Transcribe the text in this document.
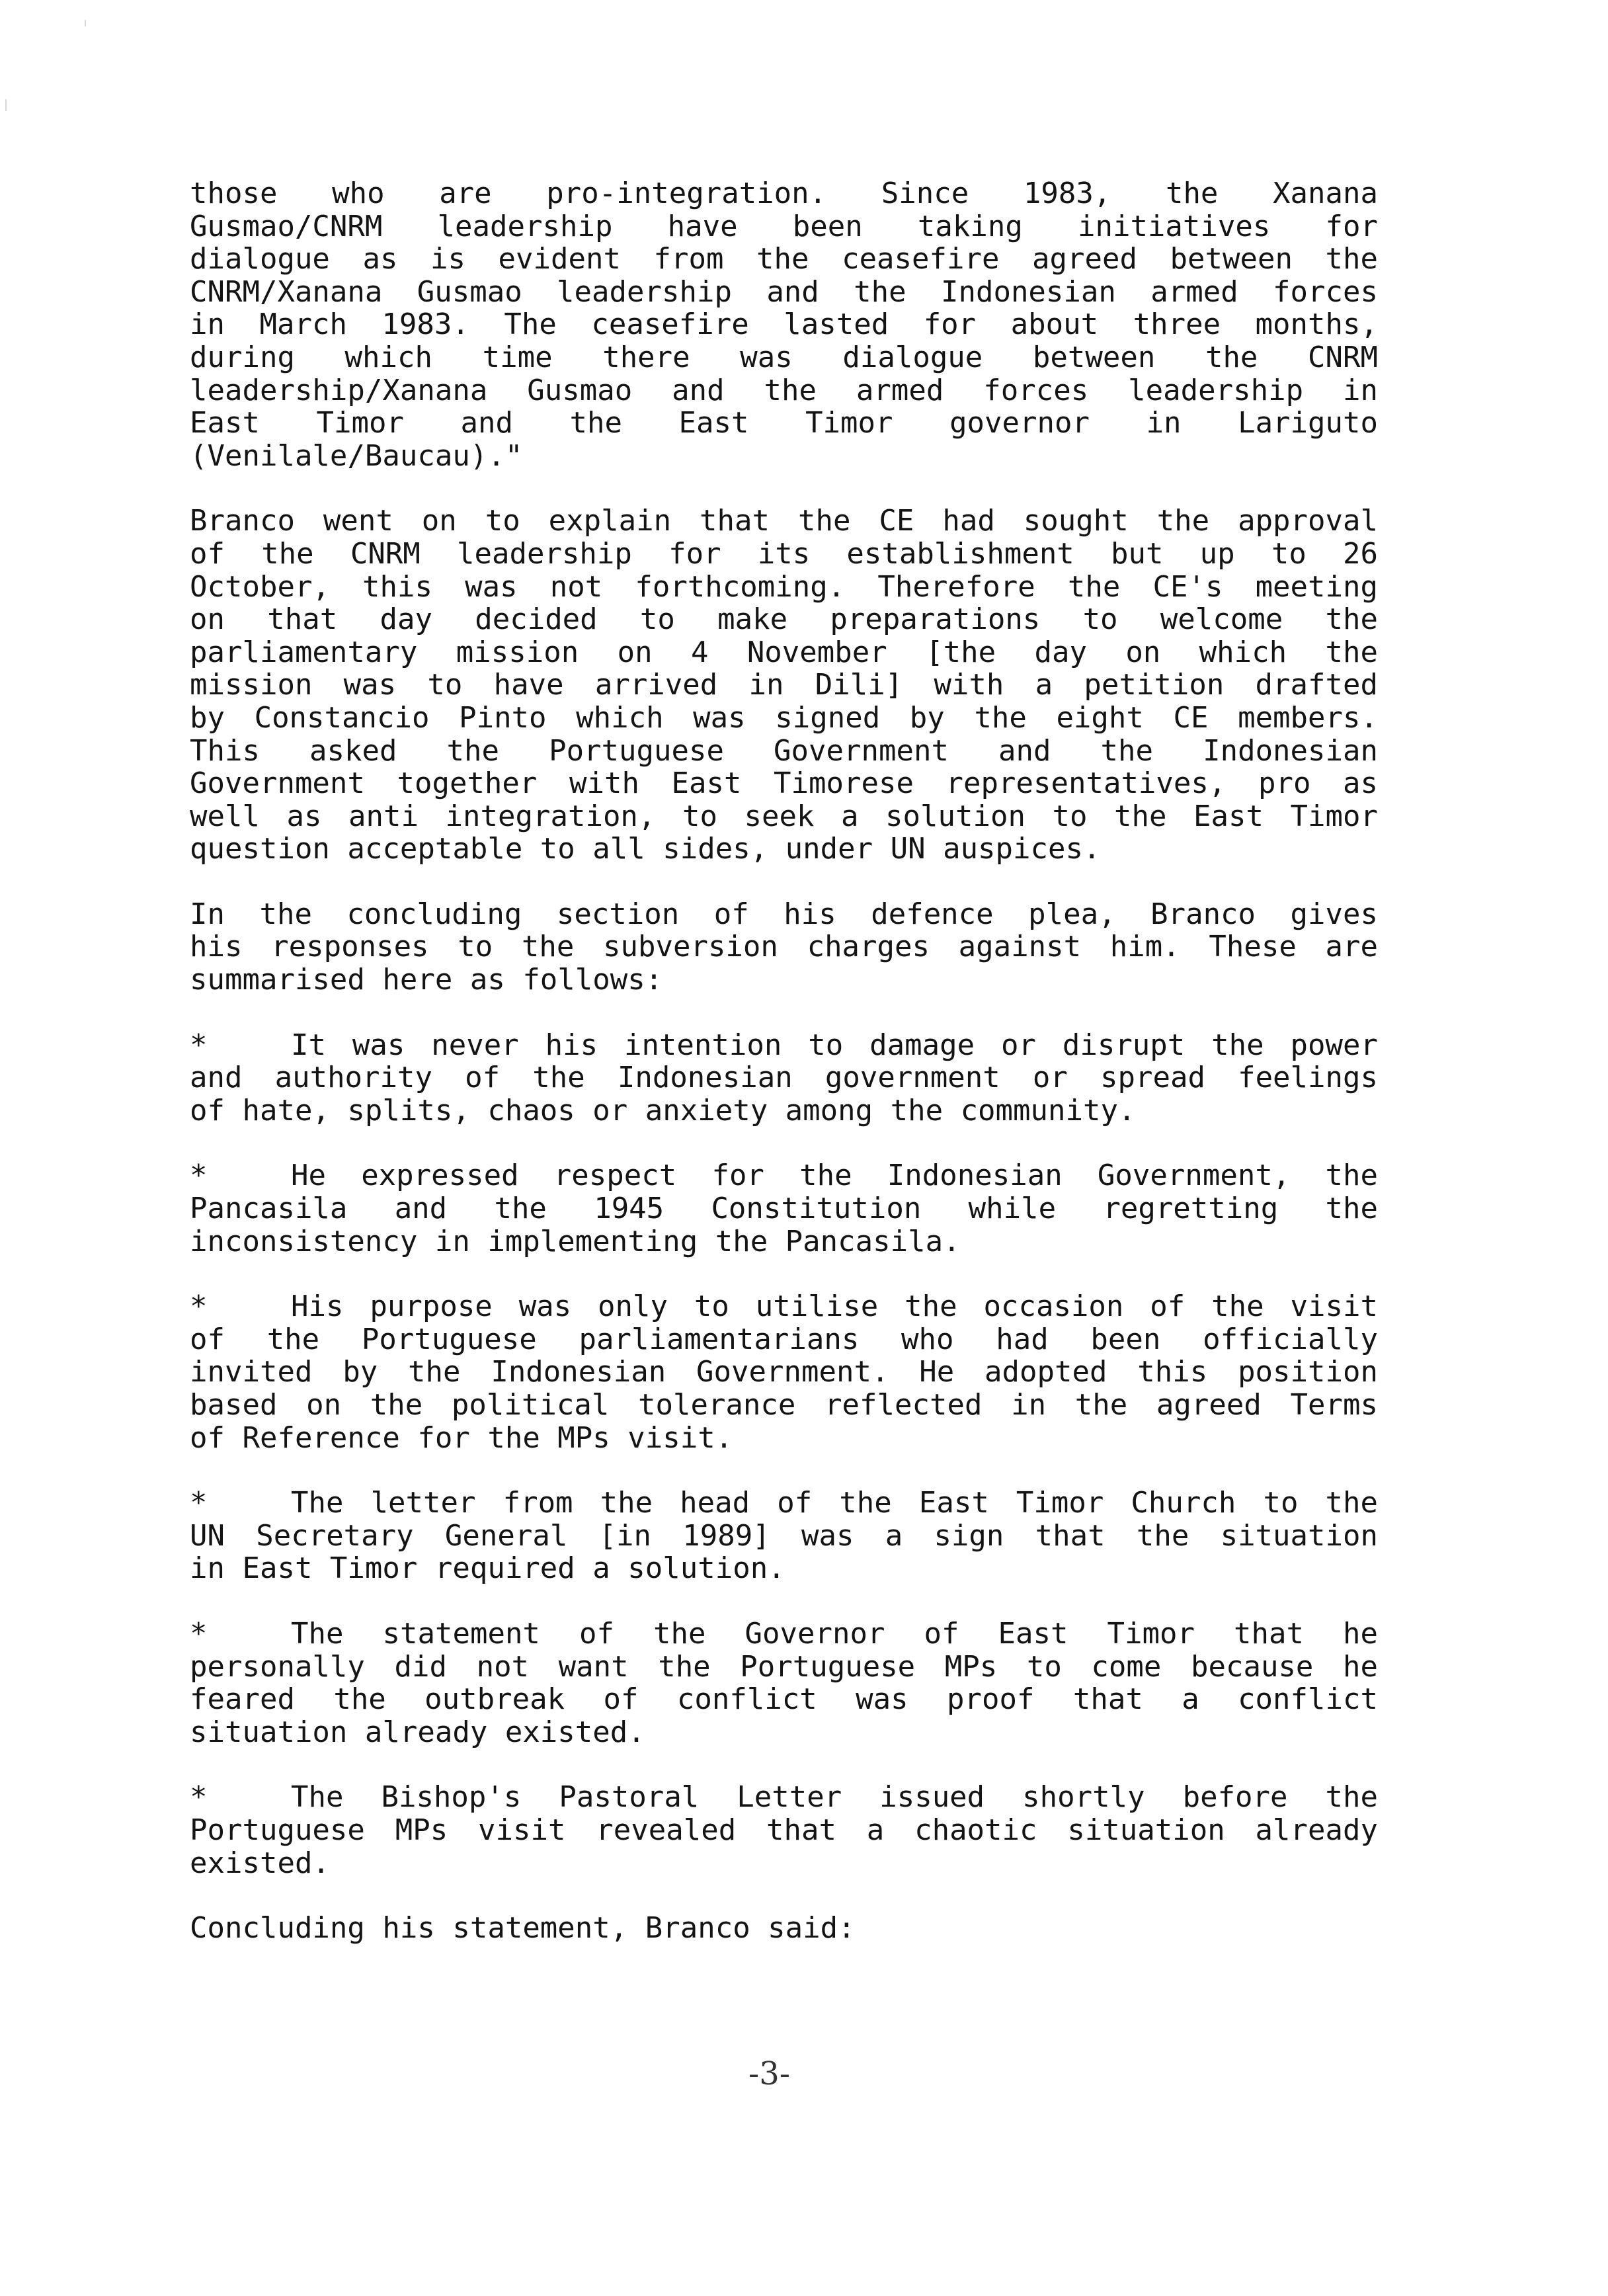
those who are pro-integration. Since 1983, the Xanana
Gusmao/CNRM leadership have been taking initiatives for
dialogue as is evident from the ceasefire agreed between the
CNRM/Xanana Gusmao leadership and the Indonesian armed forces
in March 1983. The ceasefire lasted for about three months,
during which time there was dialogue between the CNRM
leadership/Xanana Gusmao and the armed forces leadership in
East Timor and the East Timor governor in Lariguto
(Venilale/Baucau)."
Branco went on to explain that the CE had sought the approval
of the CNRM leadership for its establishment but up to 26
October, this was not forthcoming. Therefore the CE's meeting
on that day decided to make preparations to welcome the
parliamentary mission on 4 November [the day on which the
mission was to have arrived in Dili] with a petition drafted
by Constancio Pinto which was signed by the eight CE members.
This asked the Portuguese Government and the Indonesian
Government together with East Timorese representatives, pro as
well as anti integration, to seek a solution to the East Timor
question acceptable to all sides, under UN auspices.
In the concluding section of his defence plea, Branco gives
his responses to the subversion charges against him. These are
summarised here as follows:
*	It was never his intention to damage or disrupt the power
and authority of the Indonesian government or spread feelings
of hate, splits, chaos or anxiety among the community.
*	He expressed respect for the Indonesian Government, the
Pancasila and the 1945 Constitution while regretting the
inconsistency in implementing the Pancasila.
*	His purpose was only to utilise the occasion of the visit
of the Portuguese parliamentarians who had been officially
invited by the Indonesian Government. He adopted this position
based on the political tolerance reflected in the agreed Terms
of Reference for the MPs visit.
*	The letter from the head of the East Timor Church to the
UN Secretary General [in 1989] was a sign that the situation
in East Timor required a solution.
*	The statement of the Governor of East Timor that he
personally did not want the Portuguese MPs to come because he
feared the outbreak of conflict was proof that a conflict
situation already existed.
*	The Bishop's Pastoral Letter issued shortly before the
Portuguese MPs visit revealed that a chaotic situation already
existed.
Concluding his statement, Branco said:
-3-
